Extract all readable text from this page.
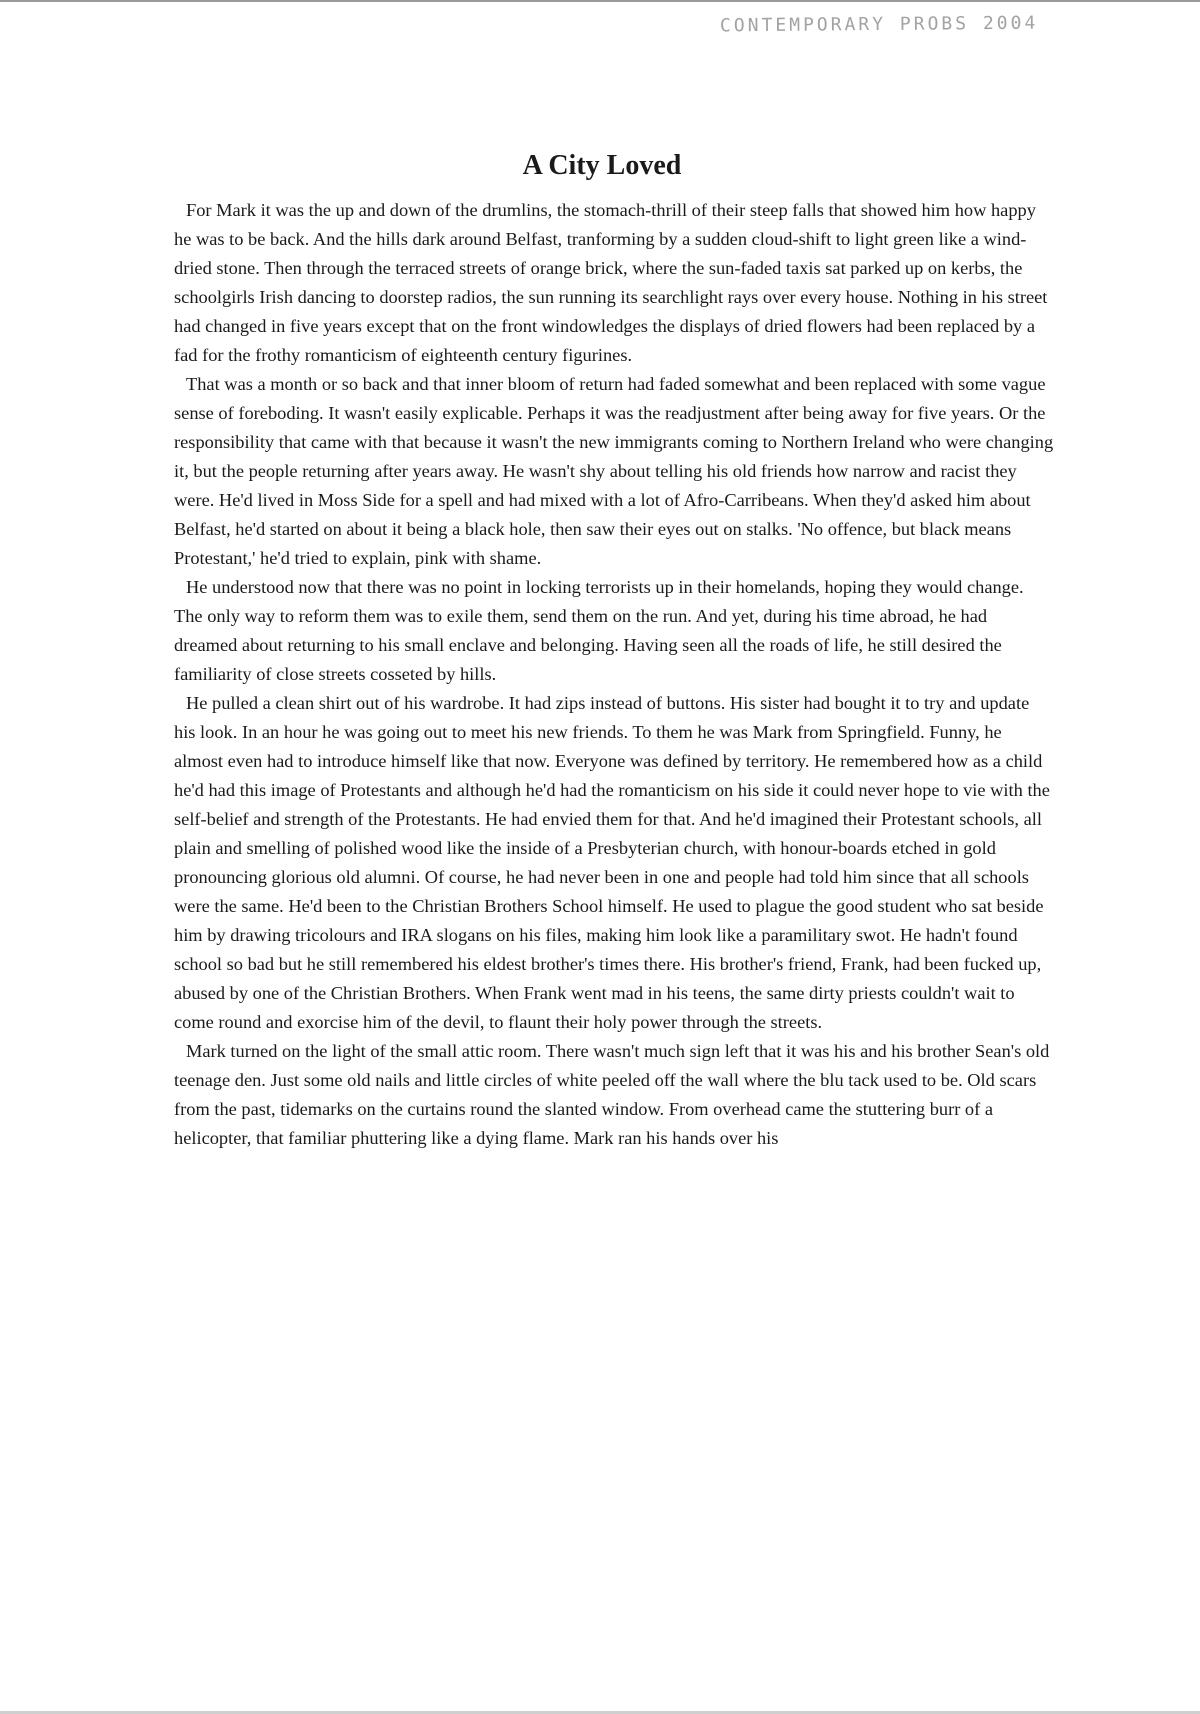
CONTEMPORARY PROBS 2004
A City Loved

For Mark it was the up and down of the drumlins, the stomach-thrill of their steep falls that showed him how happy he was to be back. And the hills dark around Belfast, tranforming by a sudden cloud-shift to light green like a wind-dried stone. Then through the terraced streets of orange brick, where the sun-faded taxis sat parked up on kerbs, the schoolgirls Irish dancing to doorstep radios, the sun running its searchlight rays over every house. Nothing in his street had changed in five years except that on the front windowledges the displays of dried flowers had been replaced by a fad for the frothy romanticism of eighteenth century figurines.

That was a month or so back and that inner bloom of return had faded somewhat and been replaced with some vague sense of foreboding. It wasn't easily explicable. Perhaps it was the readjustment after being away for five years. Or the responsibility that came with that because it wasn't the new immigrants coming to Northern Ireland who were changing it, but the people returning after years away. He wasn't shy about telling his old friends how narrow and racist they were. He'd lived in Moss Side for a spell and had mixed with a lot of Afro-Carribeans. When they'd asked him about Belfast, he'd started on about it being a black hole, then saw their eyes out on stalks. 'No offence, but black means Protestant,' he'd tried to explain, pink with shame.

He understood now that there was no point in locking terrorists up in their homelands, hoping they would change. The only way to reform them was to exile them, send them on the run. And yet, during his time abroad, he had dreamed about returning to his small enclave and belonging. Having seen all the roads of life, he still desired the familiarity of close streets cosseted by hills.

He pulled a clean shirt out of his wardrobe. It had zips instead of buttons. His sister had bought it to try and update his look. In an hour he was going out to meet his new friends. To them he was Mark from Springfield. Funny, he almost even had to introduce himself like that now. Everyone was defined by territory. He remembered how as a child he'd had this image of Protestants and although he'd had the romanticism on his side it could never hope to vie with the self-belief and strength of the Protestants. He had envied them for that. And he'd imagined their Protestant schools, all plain and smelling of polished wood like the inside of a Presbyterian church, with honour-boards etched in gold pronouncing glorious old alumni. Of course, he had never been in one and people had told him since that all schools were the same. He'd been to the Christian Brothers School himself. He used to plague the good student who sat beside him by drawing tricolours and IRA slogans on his files, making him look like a paramilitary swot. He hadn't found school so bad but he still remembered his eldest brother's times there. His brother's friend, Frank, had been fucked up, abused by one of the Christian Brothers. When Frank went mad in his teens, the same dirty priests couldn't wait to come round and exorcise him of the devil, to flaunt their holy power through the streets.

Mark turned on the light of the small attic room. There wasn't much sign left that it was his and his brother Sean's old teenage den. Just some old nails and little circles of white peeled off the wall where the blu tack used to be. Old scars from the past, tidemarks on the curtains round the slanted window. From overhead came the stuttering burr of a helicopter, that familiar phuttering like a dying flame. Mark ran his hands over his
